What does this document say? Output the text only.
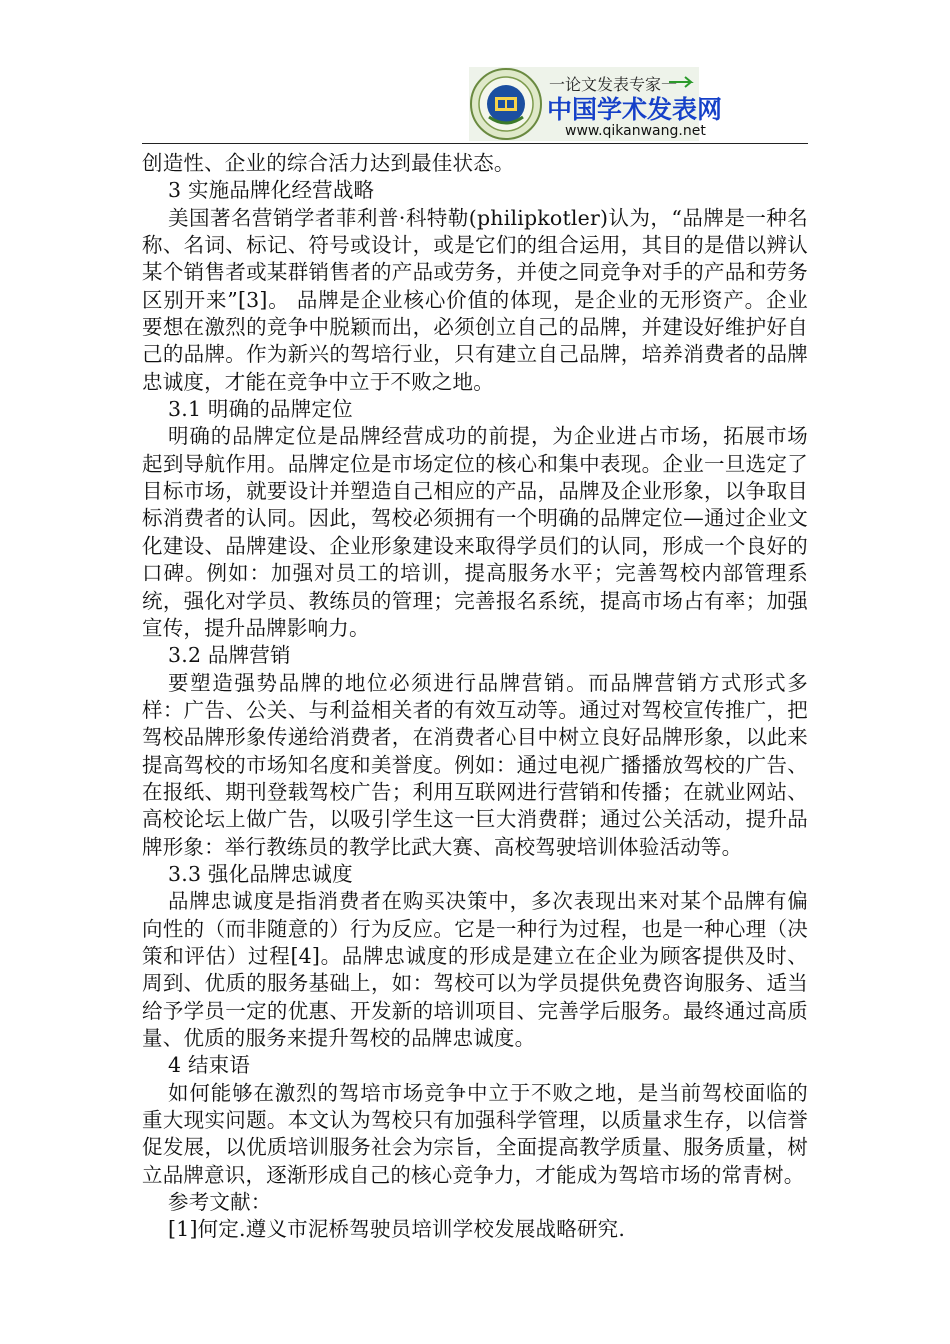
一论文发表专家一
中国学术发表网
www.qikanwang.net

创造性、企业的综合活力达到最佳状态。

3 实施品牌化经营战略

美国著名营销学者菲利普·科特勒(philipkotler)认为，“品牌是一种名称、名词、标记、符号或设计，或是它们的组合运用，其目的是借以辨认某个销售者或某群销售者的产品或劳务，并使之同竞争对手的产品和劳务区别开来”[3]。 品牌是企业核心价值的体现，是企业的无形资产。企业要想在激烈的竞争中脱颖而出，必须创立自己的品牌，并建设好维护好自己的品牌。作为新兴的驾培行业，只有建立自己品牌，培养消费者的品牌忠诚度，才能在竞争中立于不败之地。

3.1 明确的品牌定位

明确的品牌定位是品牌经营成功的前提，为企业进占市场，拓展市场起到导航作用。品牌定位是市场定位的核心和集中表现。企业一旦选定了目标市场，就要设计并塑造自己相应的产品，品牌及企业形象，以争取目标消费者的认同。因此，驾校必须拥有一个明确的品牌定位—通过企业文化建设、品牌建设、企业形象建设来取得学员们的认同，形成一个良好的口碑。例如：加强对员工的培训，提高服务水平；完善驾校内部管理系统，强化对学员、教练员的管理；完善报名系统，提高市场占有率；加强宣传，提升品牌影响力。

3.2 品牌营销

要塑造强势品牌的地位必须进行品牌营销。而品牌营销方式形式多样：广告、公关、与利益相关者的有效互动等。通过对驾校宣传推广，把驾校品牌形象传递给消费者，在消费者心目中树立良好品牌形象，以此来提高驾校的市场知名度和美誉度。例如：通过电视广播播放驾校的广告、在报纸、期刊登载驾校广告；利用互联网进行营销和传播；在就业网站、高校论坛上做广告，以吸引学生这一巨大消费群；通过公关活动，提升品牌形象：举行教练员的教学比武大赛、高校驾驶培训体验活动等。

3.3 强化品牌忠诚度

品牌忠诚度是指消费者在购买决策中，多次表现出来对某个品牌有偏向性的（而非随意的）行为反应。它是一种行为过程，也是一种心理（决策和评估）过程[4]。品牌忠诚度的形成是建立在企业为顾客提供及时、周到、优质的服务基础上，如：驾校可以为学员提供免费咨询服务、适当给予学员一定的优惠、开发新的培训项目、完善学后服务。最终通过高质量、优质的服务来提升驾校的品牌忠诚度。

4 结束语

如何能够在激烈的驾培市场竞争中立于不败之地，是当前驾校面临的重大现实问题。本文认为驾校只有加强科学管理，以质量求生存，以信誉促发展，以优质培训服务社会为宗旨，全面提高教学质量、服务质量，树立品牌意识，逐渐形成自己的核心竞争力，才能成为驾培市场的常青树。

参考文献：

[1]何定.遵义市泥桥驾驶员培训学校发展战略研究.
